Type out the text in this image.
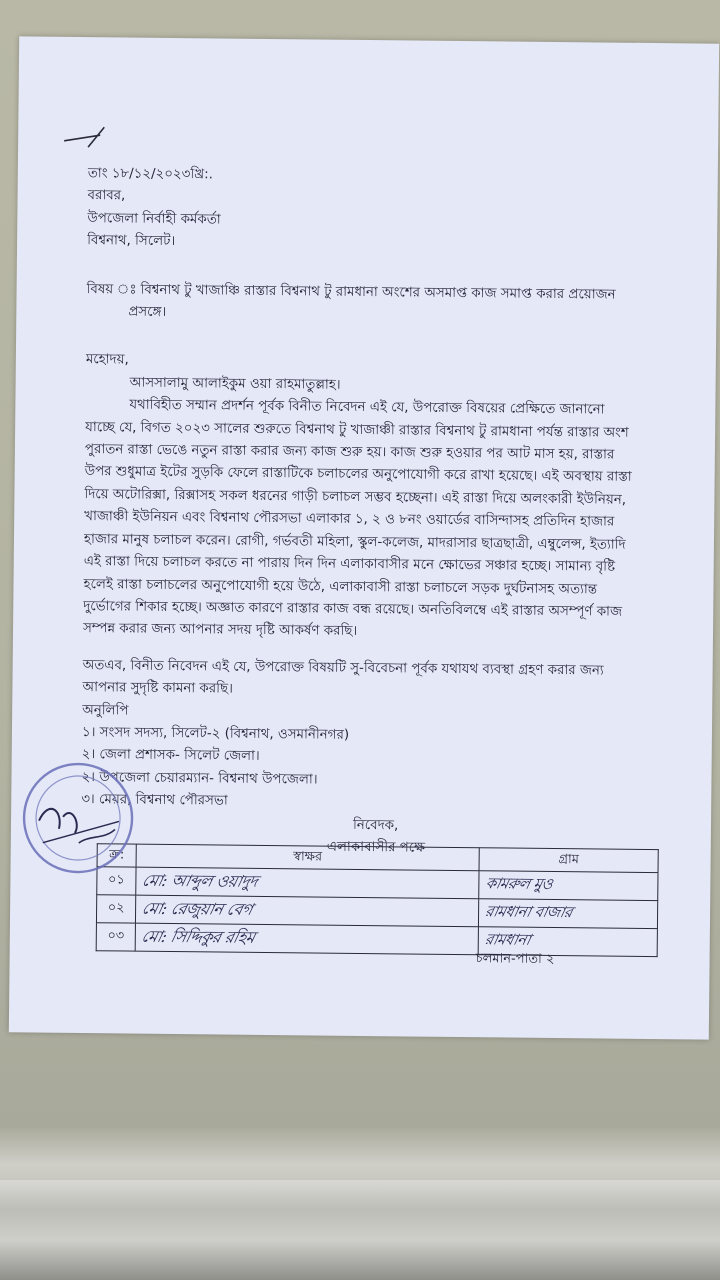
তাং ১৮/১২/২০২৩খ্রি:.
বরাবর,
উপজেলা নির্বাহী কর্মকর্তা
বিশ্বনাথ, সিলেট।
বিষয় ঃ বিশ্বনাথ টু খাজাঞ্চি রাস্তার বিশ্বনাথ টু রামধানা অংশের অসমাপ্ত কাজ সমাপ্ত করার প্রয়োজন
প্রসঙ্গে।
মহোদয়,
আসসালামু আলাইকুম ওয়া রাহমাতুল্লাহ।
যথাবিহীত সম্মান প্রদর্শন পূর্বক বিনীত নিবেদন এই যে, উপরোক্ত বিষয়ের প্রেক্ষিতে জানানো
যাচ্ছে যে, বিগত ২০২৩ সালের শুরুতে বিশ্বনাথ টু খাজাঞ্চী রাস্তার বিশ্বনাথ টু রামধানা পর্যন্ত রাস্তার অংশ
পুরাতন রাস্তা ভেঙে নতুন রাস্তা করার জন্য কাজ শুরু হয়। কাজ শুরু হওয়ার পর আট মাস হয়, রাস্তার
উপর শুধুমাত্র ইটের সুড়কি ফেলে রাস্তাটিকে চলাচলের অনুপোযোগী করে রাখা হয়েছে। এই অবস্থায় রাস্তা
দিয়ে অটোরিক্সা, রিক্সাসহ সকল ধরনের গাড়ী চলাচল সম্ভব হচ্ছেনা। এই রাস্তা দিয়ে অলংকারী ইউনিয়ন,
খাজাঞ্চী ইউনিয়ন এবং বিশ্বনাথ পৌরসভা এলাকার ১, ২ ও ৮নং ওয়ার্ডের বাসিন্দাসহ প্রতিদিন হাজার
হাজার মানুষ চলাচল করেন। রোগী, গর্ভবতী মহিলা, স্কুল-কলেজ, মাদরাসার ছাত্রছাত্রী, এম্বুলেন্স, ইত্যাদি
এই রাস্তা দিয়ে চলাচল করতে না পারায় দিন দিন এলাকাবাসীর মনে ক্ষোভের সঞ্চার হচ্ছে। সামান্য বৃষ্টি
হলেই রাস্তা চলাচলের অনুপোযোগী হয়ে উঠে, এলাকাবাসী রাস্তা চলাচলে সড়ক দুর্ঘটনাসহ অত্যান্ত
দুর্ভোগের শিকার হচ্ছে। অজ্ঞাত কারণে রাস্তার কাজ বন্ধ রয়েছে। অনতিবিলম্বে এই রাস্তার অসম্পূর্ণ কাজ
সম্পন্ন করার জন্য আপনার সদয় দৃষ্টি আকর্ষণ করছি।
অতএব, বিনীত নিবেদন এই যে, উপরোক্ত বিষয়টি সু-বিবেচনা পূর্বক যথাযথ ব্যবস্থা গ্রহণ করার জন্য
আপনার সুদৃষ্টি কামনা করছি।
অনুলিপি
১। সংসদ সদস্য, সিলেট-২ (বিশ্বনাথ, ওসমানীনগর)
২। জেলা প্রশাসক- সিলেট জেলা।
২। উপজেলা চেয়ারম্যান- বিশ্বনাথ উপজেলা।
৩। মেয়র, বিশ্বনাথ পৌরসভা
নিবেদক,
এলাকাবাসীর পক্ষে
ক্র:	স্বাক্ষর	গ্রাম
০১	মো: আব্দুল ওয়াদুদ	কামরুল মুও
০২	মো: রেজুয়ান বেগ	রামধানা বাজার
০৩	মো: সিদ্দিকুর রহিম	রামধানা
চলমান-পাতা ২
